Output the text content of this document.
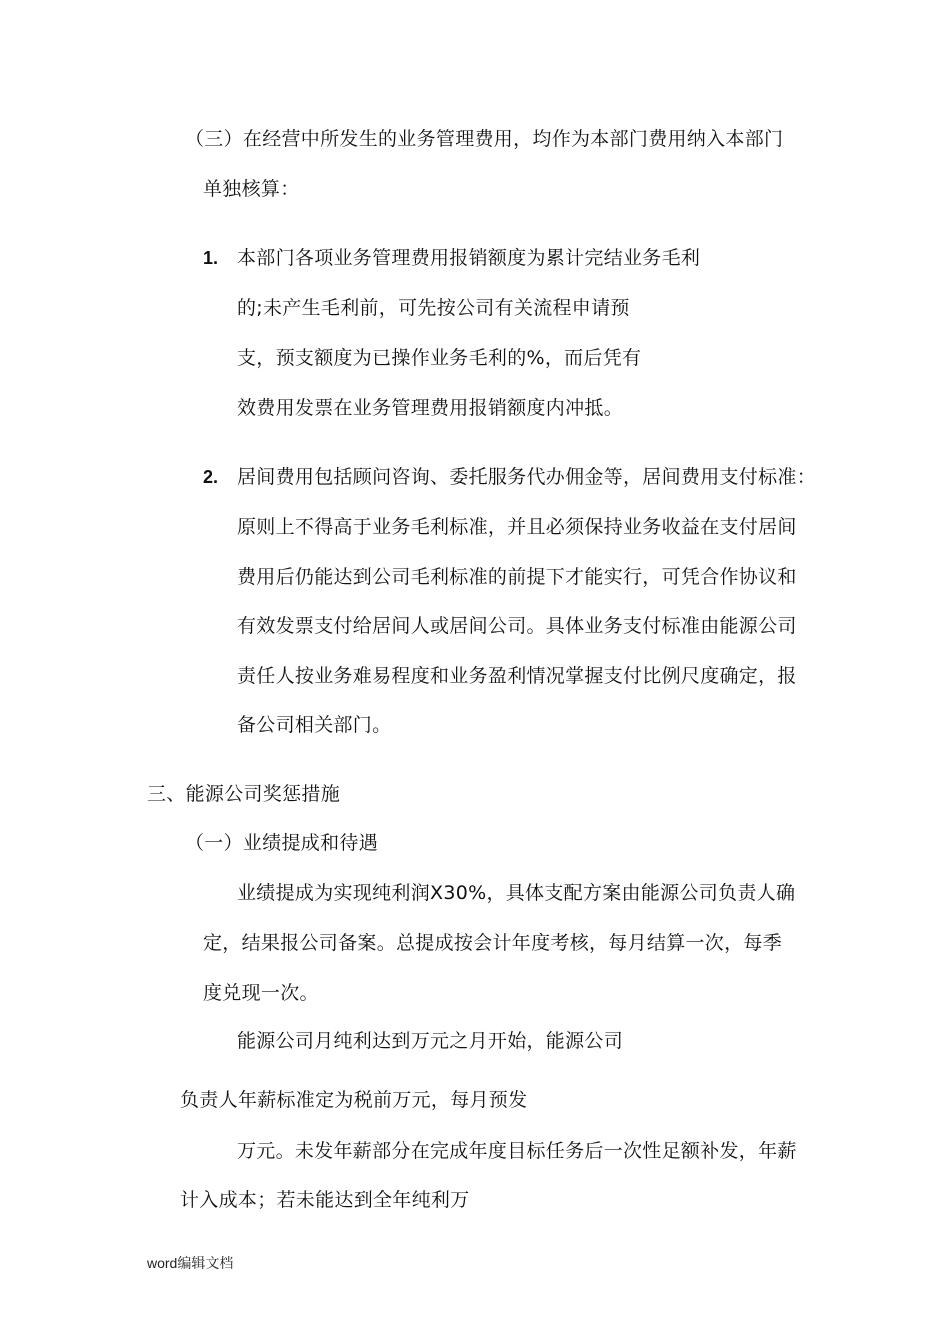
（三）在经营中所发生的业务管理费用，均作为本部门费用纳入本部门
单独核算：
1. 本部门各项业务管理费用报销额度为累计完结业务毛利
的;未产生毛利前，可先按公司有关流程申请预
支，预支额度为已操作业务毛利的%，而后凭有
效费用发票在业务管理费用报销额度内冲抵。
2. 居间费用包括顾问咨询、委托服务代办佣金等，居间费用支付标准：
原则上不得高于业务毛利标准，并且必须保持业务收益在支付居间
费用后仍能达到公司毛利标准的前提下才能实行，可凭合作协议和
有效发票支付给居间人或居间公司。具体业务支付标准由能源公司
责任人按业务难易程度和业务盈利情况掌握支付比例尺度确定，报
备公司相关部门。
三、能源公司奖惩措施
（一）业绩提成和待遇
业绩提成为实现纯利润X30%，具体支配方案由能源公司负责人确
定，结果报公司备案。总提成按会计年度考核，每月结算一次，每季
度兑现一次。
能源公司月纯利达到万元之月开始，能源公司
负责人年薪标准定为税前万元，每月预发
万元。未发年薪部分在完成年度目标任务后一次性足额补发，年薪
计入成本；若未能达到全年纯利万
word编辑文档
